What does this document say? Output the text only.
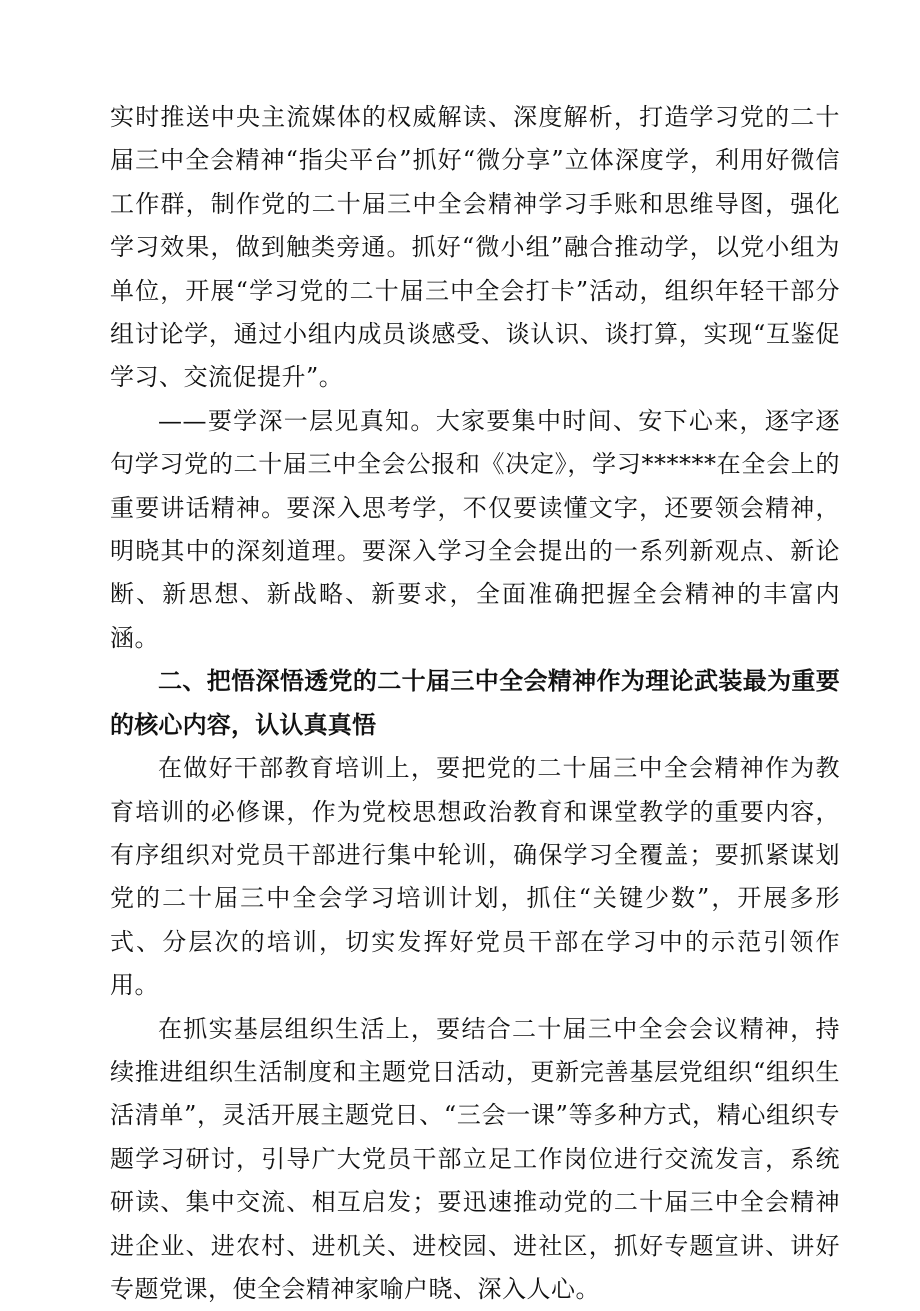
实时推送中央主流媒体的权威解读、深度解析，打造学习党的二十届三中全会精神“指尖平台”抓好“微分享”立体深度学，利用好微信工作群，制作党的二十届三中全会精神学习手账和思维导图，强化学习效果，做到触类旁通。抓好“微小组”融合推动学，以党小组为单位，开展“学习党的二十届三中全会打卡”活动，组织年轻干部分组讨论学，通过小组内成员谈感受、谈认识、谈打算，实现“互鉴促学习、交流促提升”。

——要学深一层见真知。大家要集中时间、安下心来，逐字逐句学习党的二十届三中全会公报和《决定》，学习******在全会上的重要讲话精神。要深入思考学，不仅要读懂文字，还要领会精神，明晓其中的深刻道理。要深入学习全会提出的一系列新观点、新论断、新思想、新战略、新要求，全面准确把握全会精神的丰富内涵。

二、把悟深悟透党的二十届三中全会精神作为理论武装最为重要的核心内容，认认真真悟

在做好干部教育培训上，要把党的二十届三中全会精神作为教育培训的必修课，作为党校思想政治教育和课堂教学的重要内容，有序组织对党员干部进行集中轮训，确保学习全覆盖；要抓紧谋划党的二十届三中全会学习培训计划，抓住“关键少数”，开展多形式、分层次的培训，切实发挥好党员干部在学习中的示范引领作用。

在抓实基层组织生活上，要结合二十届三中全会会议精神，持续推进组织生活制度和主题党日活动，更新完善基层党组织“组织生活清单”，灵活开展主题党日、“三会一课”等多种方式，精心组织专题学习研讨，引导广大党员干部立足工作岗位进行交流发言，系统研读、集中交流、相互启发；要迅速推动党的二十届三中全会精神进企业、进农村、进机关、进校园、进社区，抓好专题宣讲、讲好专题党课，使全会精神家喻户晓、深入人心。
